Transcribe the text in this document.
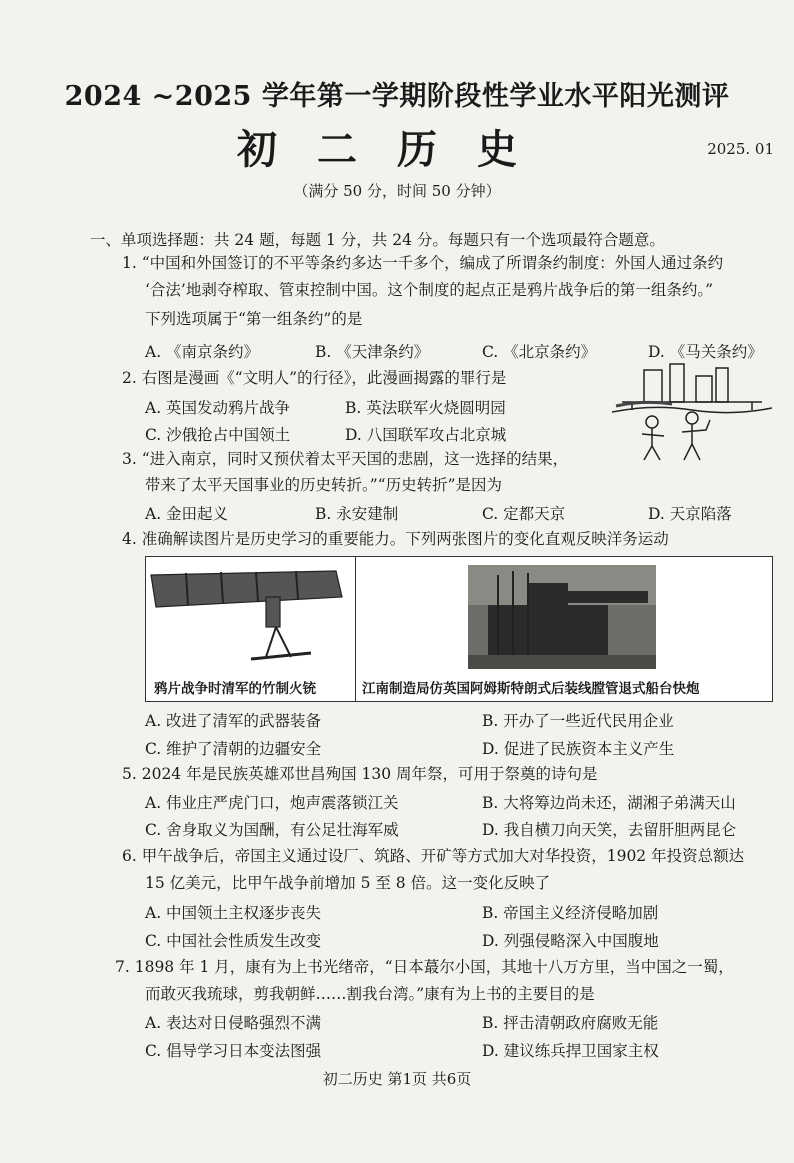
2024 ~2025 学年第一学期阶段性学业水平阳光测评
初二历史	2025. 01
（满分 50 分，时间 50 分钟）
一、单项选择题：共 24 题，每题 1 分，共 24 分。每题只有一个选项最符合题意。
1. “中国和外国签订的不平等条约多达一千多个，编成了所谓条约制度：外国人通过条约
‘合法’地剥夺榨取、管束控制中国。这个制度的起点正是鸦片战争后的第一组条约。”
下列选项属于“第一组条约”的是
A. 《南京条约》	B. 《天津条约》	C. 《北京条约》	D. 《马关条约》
2. 右图是漫画《“文明人”的行径》，此漫画揭露的罪行是
A. 英国发动鸦片战争	B. 英法联军火烧圆明园
C. 沙俄抢占中国领土	D. 八国联军攻占北京城
3. “进入南京，同时又预伏着太平天国的悲剧，这一选择的结果，
带来了太平天国事业的历史转折。”“历史转折”是因为
A. 金田起义	B. 永安建制	C. 定都天京	D. 天京陷落
4. 准确解读图片是历史学习的重要能力。下列两张图片的变化直观反映洋务运动
鸦片战争时清军的竹制火铳	江南制造局仿英国阿姆斯特朗式后装线膛管退式船台快炮
A. 改进了清军的武器装备	B. 开办了一些近代民用企业
C. 维护了清朝的边疆安全	D. 促进了民族资本主义产生
5. 2024 年是民族英雄邓世昌殉国 130 周年祭，可用于祭奠的诗句是
A. 伟业庄严虎门口，炮声震落锁江关	B. 大将筹边尚未还，湖湘子弟满天山
C. 舍身取义为国酬，有公足壮海军威	D. 我自横刀向天笑，去留肝胆两昆仑
6. 甲午战争后，帝国主义通过设厂、筑路、开矿等方式加大对华投资，1902 年投资总额达
15 亿美元，比甲午战争前增加 5 至 8 倍。这一变化反映了
A. 中国领土主权逐步丧失	B. 帝国主义经济侵略加剧
C. 中国社会性质发生改变	D. 列强侵略深入中国腹地
7. 1898 年 1 月，康有为上书光绪帝，“日本蕞尔小国，其地十八万方里，当中国之一蜀，
而敢灭我琉球，剪我朝鲜……割我台湾。”康有为上书的主要目的是
A. 表达对日侵略强烈不满	B. 抨击清朝政府腐败无能
C. 倡导学习日本变法图强	D. 建议练兵捍卫国家主权
初二历史 第1页 共6页
